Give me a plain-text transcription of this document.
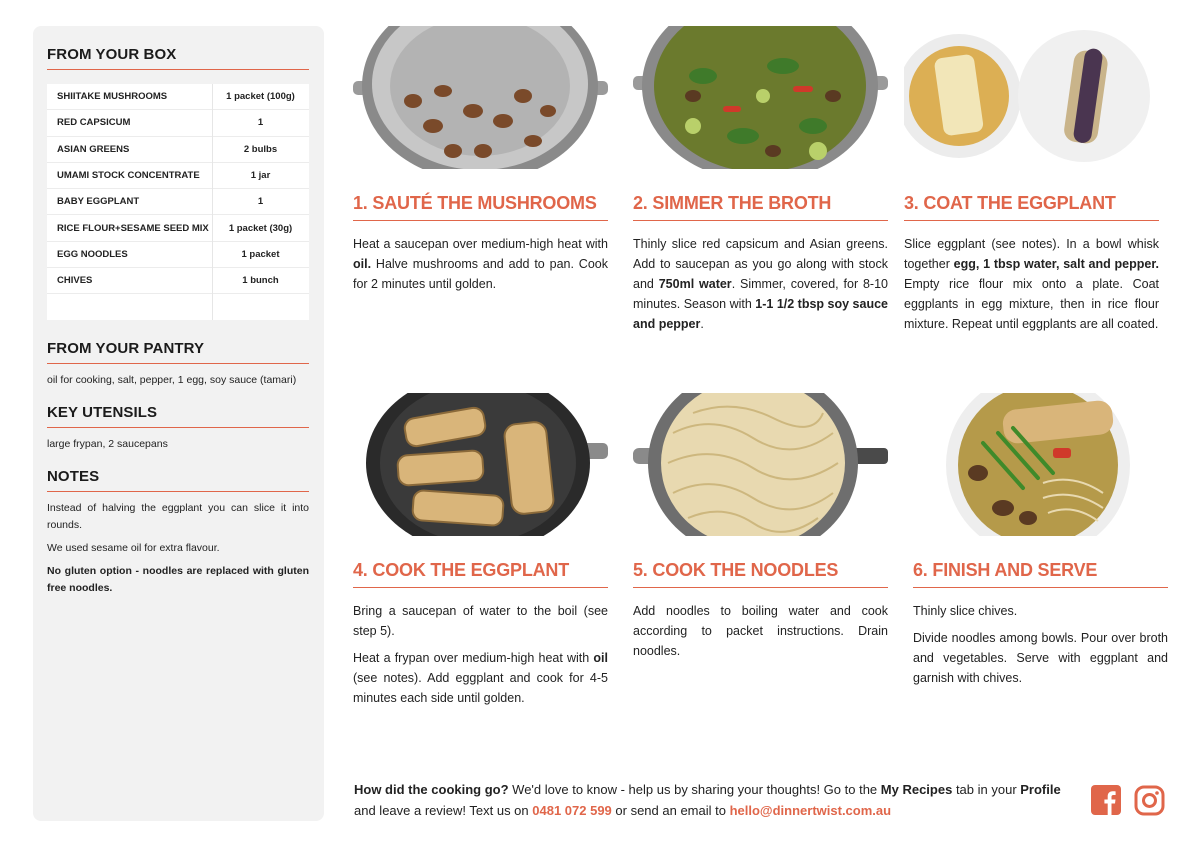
FROM YOUR BOX
SHIITAKE MUSHROOMS	1 packet (100g)
RED CAPSICUM	1
ASIAN GREENS	2 bulbs
UMAMI STOCK CONCENTRATE	1 jar
BABY EGGPLANT	1
RICE FLOUR+SESAME SEED MIX	1 packet (30g)
EGG NOODLES	1 packet
CHIVES	1 bunch
FROM YOUR PANTRY

oil for cooking, salt, pepper, 1 egg, soy sauce (tamari)

KEY UTENSILS

large frypan, 2 saucepans

NOTES

Instead of halving the eggplant you can slice it into rounds.

We used sesame oil for extra flavour.

No gluten option - noodles are replaced with gluten free noodles.

1. SAUTÉ THE MUSHROOMS

Heat a saucepan over medium-high heat with oil. Halve mushrooms and add to pan. Cook for 2 minutes until golden.

2. SIMMER THE BROTH

Thinly slice red capsicum and Asian greens. Add to saucepan as you go along with stock and 750ml water. Simmer, covered, for 8-10 minutes. Season with 1-1 1/2 tbsp soy sauce and pepper.

3. COAT THE EGGPLANT

Slice eggplant (see notes). In a bowl whisk together egg, 1 tbsp water, salt and pepper. Empty rice flour mix onto a plate. Coat eggplants in egg mixture, then in rice flour mixture. Repeat until eggplants are all coated.

4. COOK THE EGGPLANT

Bring a saucepan of water to the boil (see step 5).

Heat a frypan over medium-high heat with oil (see notes). Add eggplant and cook for 4-5 minutes each side until golden.

5. COOK THE NOODLES

Add noodles to boiling water and cook according to packet instructions. Drain noodles.

6. FINISH AND SERVE

Thinly slice chives.

Divide noodles among bowls. Pour over broth and vegetables. Serve with eggplant and garnish with chives.

How did the cooking go? We'd love to know - help us by sharing your thoughts! Go to the My Recipes tab in your Profile and leave a review! Text us on 0481 072 599 or send an email to hello@dinnertwist.com.au
